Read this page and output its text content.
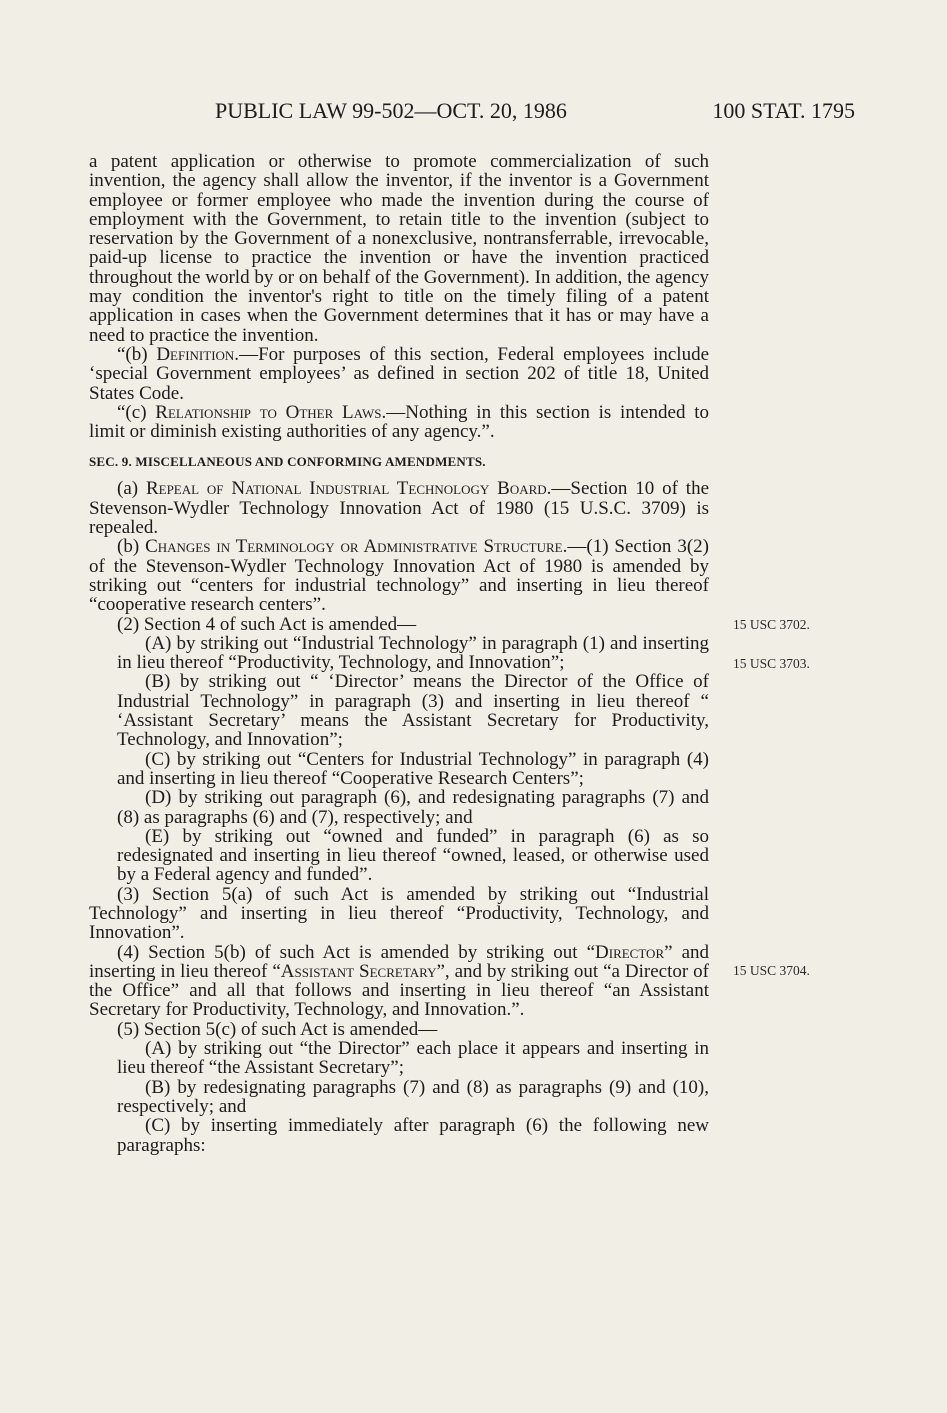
PUBLIC LAW 99-502—OCT. 20, 1986	100 STAT. 1795

a patent application or otherwise to promote commercialization of such invention, the agency shall allow the inventor, if the inventor is a Government employee or former employee who made the invention during the course of employment with the Government, to retain title to the invention (subject to reservation by the Government of a nonexclusive, nontransferrable, irrevocable, paid-up license to practice the invention or have the invention practiced throughout the world by or on behalf of the Government). In addition, the agency may condition the inventor's right to title on the timely filing of a patent application in cases when the Government determines that it has or may have a need to practice the invention.

“(b) Definition.—For purposes of this section, Federal employees include ‘special Government employees’ as defined in section 202 of title 18, United States Code.

“(c) Relationship to Other Laws.—Nothing in this section is intended to limit or diminish existing authorities of any agency.”.

SEC. 9. MISCELLANEOUS AND CONFORMING AMENDMENTS.

(a) Repeal of National Industrial Technology Board.—Section 10 of the Stevenson-Wydler Technology Innovation Act of 1980 (15 U.S.C. 3709) is repealed.

(b) Changes in Terminology or Administrative Structure.—(1) Section 3(2) of the Stevenson-Wydler Technology Innovation Act of 1980 is amended by striking out “centers for industrial technology” and inserting in lieu thereof “cooperative research centers”.

(2) Section 4 of such Act is amended—

(A) by striking out “Industrial Technology” in paragraph (1) and inserting in lieu thereof “Productivity, Technology, and Innovation”;

(B) by striking out “ ‘Director’ means the Director of the Office of Industrial Technology” in paragraph (3) and inserting in lieu thereof “ ‘Assistant Secretary’ means the Assistant Secretary for Productivity, Technology, and Innovation”;

(C) by striking out “Centers for Industrial Technology” in paragraph (4) and inserting in lieu thereof “Cooperative Research Centers”;

(D) by striking out paragraph (6), and redesignating paragraphs (7) and (8) as paragraphs (6) and (7), respectively; and

(E) by striking out “owned and funded” in paragraph (6) as so redesignated and inserting in lieu thereof “owned, leased, or otherwise used by a Federal agency and funded”.

(3) Section 5(a) of such Act is amended by striking out “Industrial Technology” and inserting in lieu thereof “Productivity, Technology, and Innovation”.

(4) Section 5(b) of such Act is amended by striking out “Director” and inserting in lieu thereof “Assistant Secretary”, and by striking out “a Director of the Office” and all that follows and inserting in lieu thereof “an Assistant Secretary for Productivity, Technology, and Innovation.”.

(5) Section 5(c) of such Act is amended—

(A) by striking out “the Director” each place it appears and inserting in lieu thereof “the Assistant Secretary”;

(B) by redesignating paragraphs (7) and (8) as paragraphs (9) and (10), respectively; and

(C) by inserting immediately after paragraph (6) the following new paragraphs:

15 USC 3702.
15 USC 3703.
15 USC 3704.
